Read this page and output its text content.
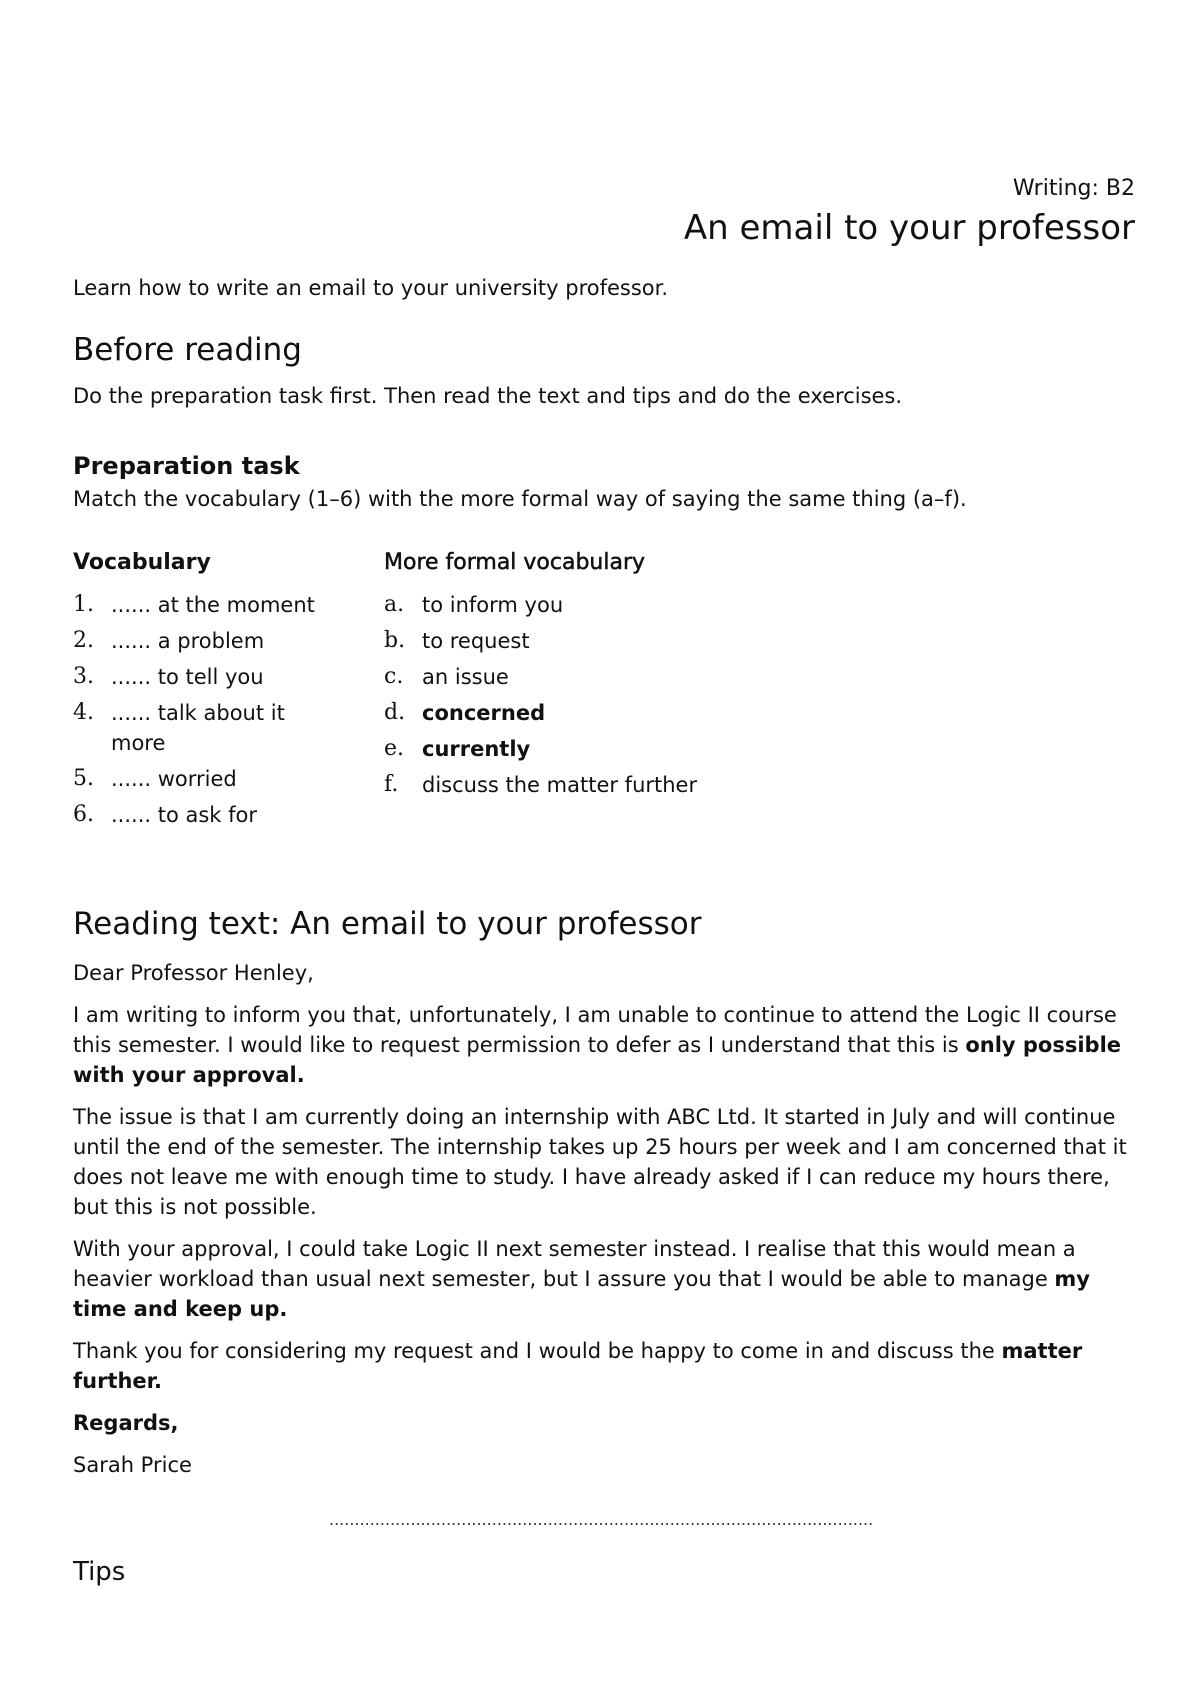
Writing: B2
An email to your professor
Learn how to write an email to your university professor.
Before reading
Do the preparation task first. Then read the text and tips and do the exercises.
Preparation task
Match the vocabulary (1–6) with the more formal way of saying the same thing (a–f).
Vocabulary
1. ...... at the moment
2. ...... a problem
3. ...... to tell you
4. ...... talk about it more
5. ...... worried
6. ...... to ask for
More formal vocabulary
a. to inform you
b. to request
c. an issue
d. concerned
e. currently
f.	discuss the matter further
Reading text: An email to your professor

Dear Professor Henley,

I am writing to inform you that, unfortunately, I am unable to continue to attend the Logic II course this semester. I would like to request permission to defer as I understand that this is only possible with your approval.

The issue is that I am currently doing an internship with ABC Ltd. It started in July and will continue until the end of the semester. The internship takes up 25 hours per week and I am concerned that it does not leave me with enough time to study. I have already asked if I can reduce my hours there, but this is not possible.

With your approval, I could take Logic II next semester instead. I realise that this would mean a heavier workload than usual next semester, but I assure you that I would be able to manage my time and keep up.

Thank you for considering my request and I would be happy to come in and discuss the matter further.

Regards,

Sarah Price

...........................................................................................................
Tips
